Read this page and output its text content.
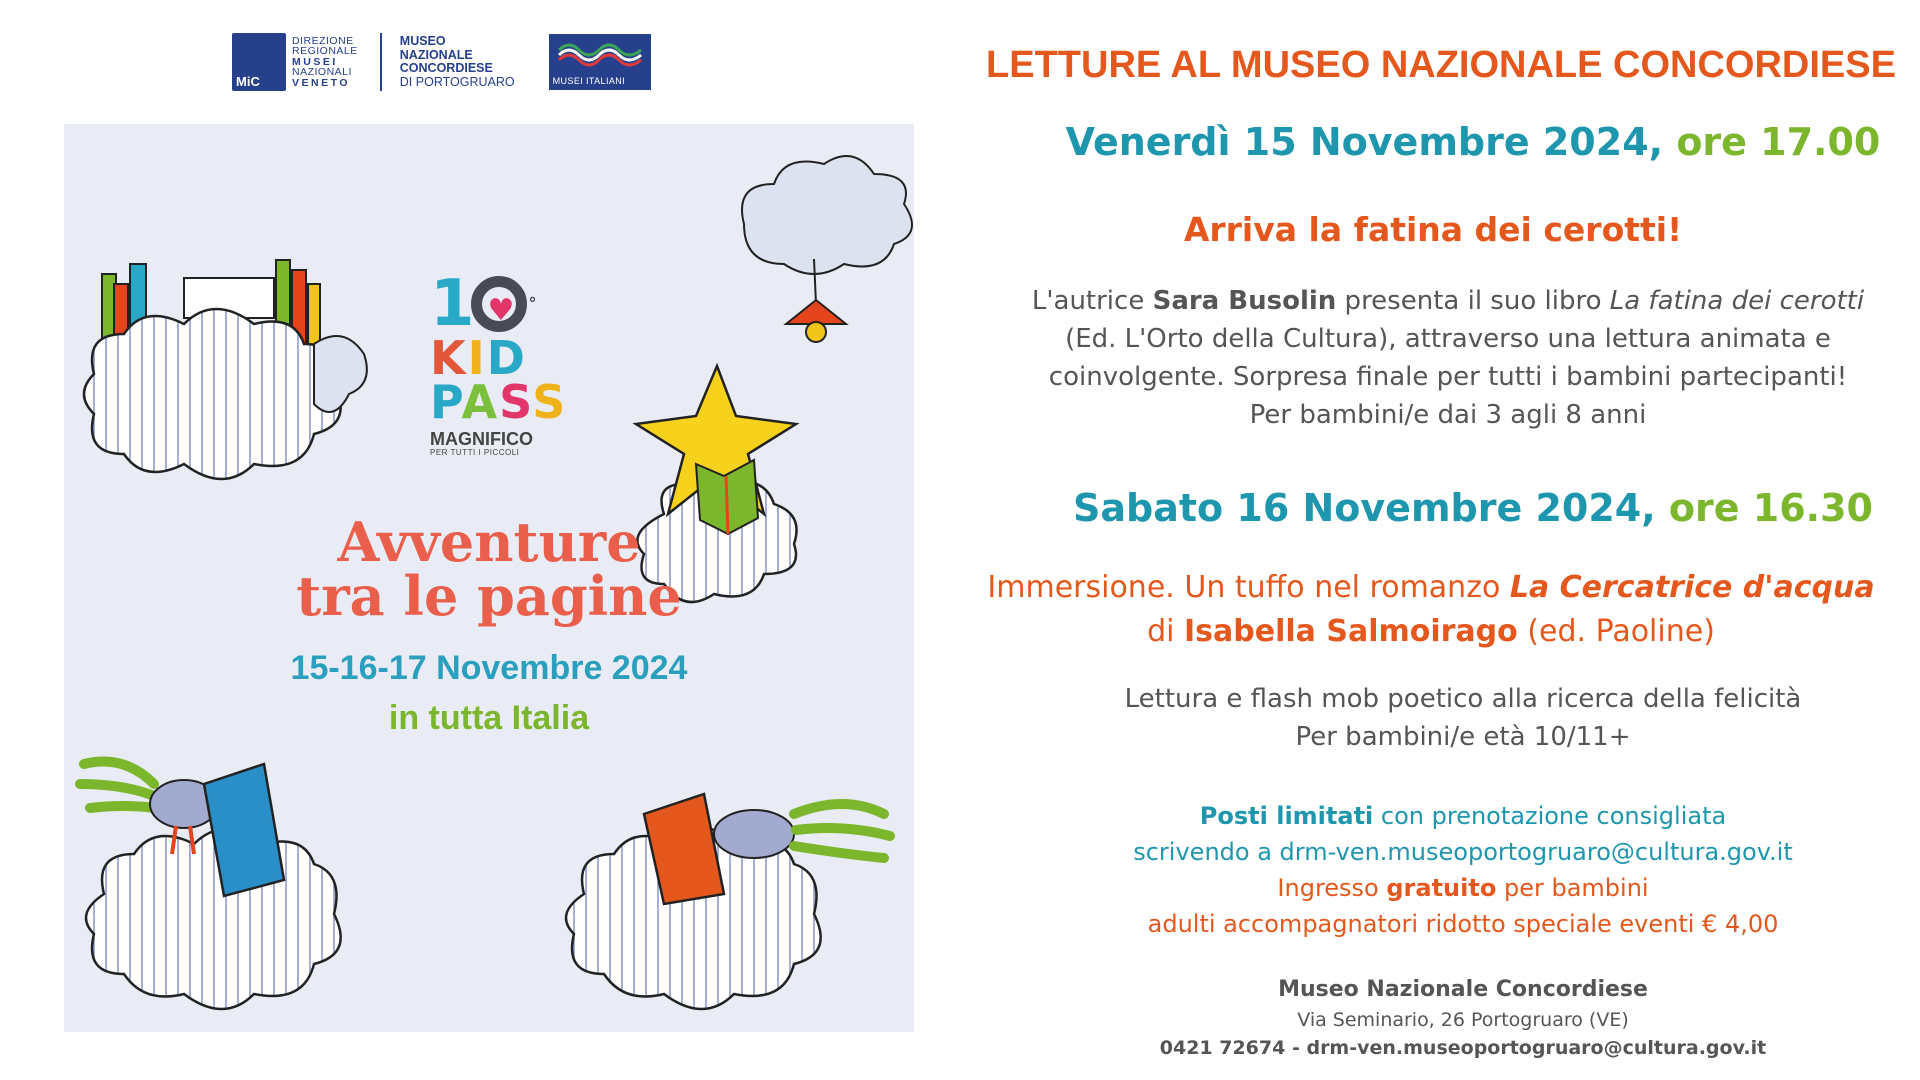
MiC
DIREZIONE
REGIONALE
MUSEI
NAZIONALI
VENETO
MUSEO
NAZIONALE
CONCORDIESE
DI PORTOGRUARO	MUSEI ITALIANI
1
♥	°
KID
PASS
MAGNIFICO
PER TUTTI I PICCOLI
Avventure
tra le pagine
15-16-17 Novembre 2024
in tutta Italia
LETTURE AL MUSEO NAZIONALE CONCORDIESE
Venerdì 15 Novembre 2024, ore 17.00
Arriva la fatina dei cerotti!
L'autrice Sara Busolin presenta il suo libro La fatina dei cerotti
(Ed. L'Orto della Cultura), attraverso una lettura animata e
coinvolgente. Sorpresa finale per tutti i bambini partecipanti!
Per bambini/e dai 3 agli 8 anni
Sabato 16 Novembre 2024, ore 16.30
Immersione. Un tuffo nel romanzo La Cercatrice d'acqua
di Isabella Salmoirago (ed. Paoline)
Lettura e flash mob poetico alla ricerca della felicità
Per bambini/e età 10/11+
Posti limitati con prenotazione consigliata
scrivendo a drm-ven.museoportogruaro@cultura.gov.it
Ingresso gratuito per bambini
adulti accompagnatori ridotto speciale eventi € 4,00
Museo Nazionale Concordiese
Via Seminario, 26 Portogruaro (VE)
0421 72674 - drm-ven.museoportogruaro@cultura.gov.it
